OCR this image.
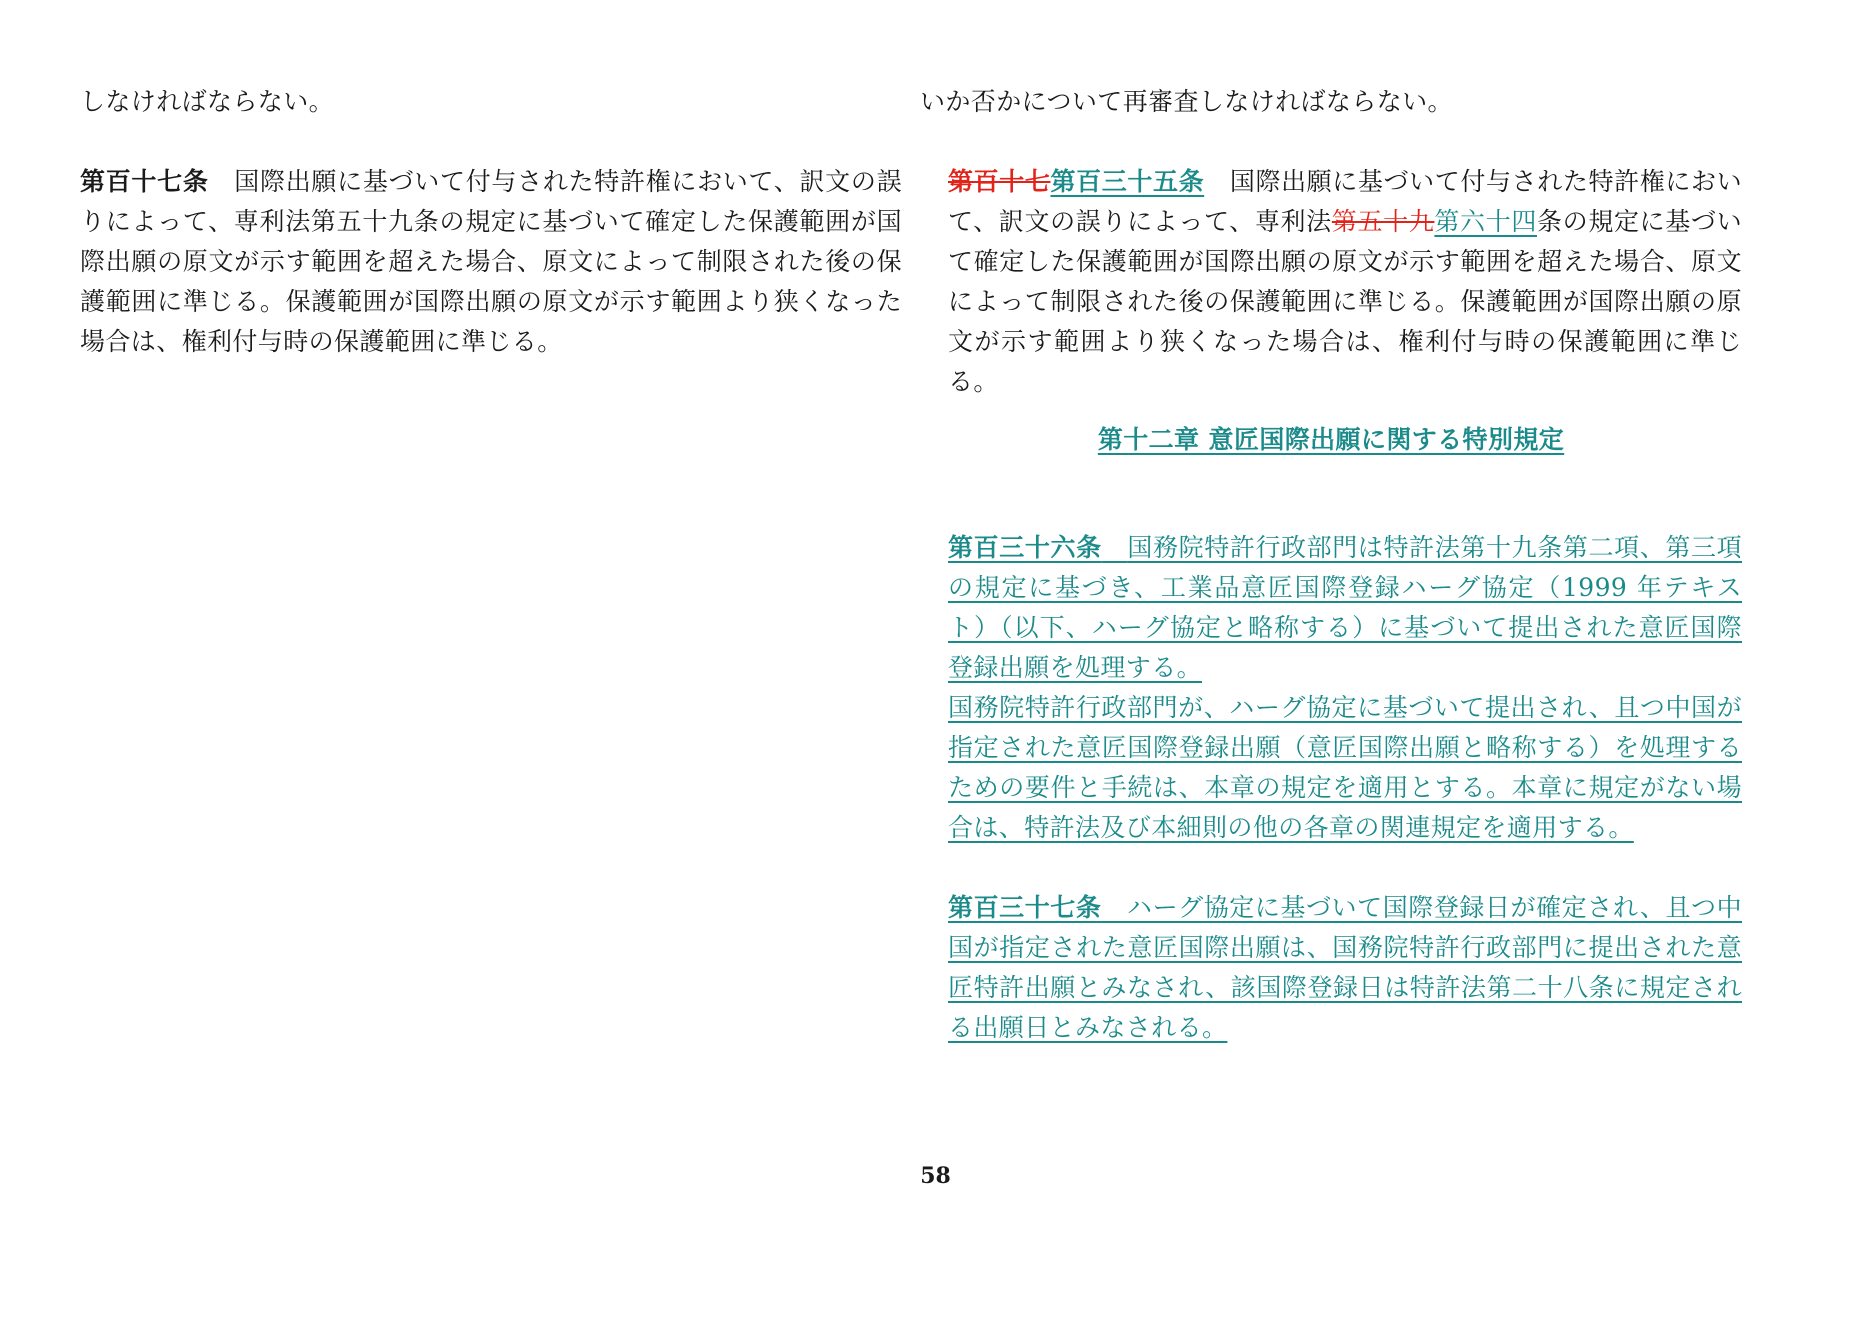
しなければならない。

第百十七条　 国際出願に基づいて付与された特許権において、訳文の誤りによって、専利法第五十九条の規定に基づいて確定した保護範囲が国際出願の原文が示す範囲を超えた場合、原文によって制限された後の保護範囲に準じる。保護範囲が国際出願の原文が示す範囲より狭くなった場合は、権利付与時の保護範囲に準じる。

いか否かについて再審査しなければならない。

第百十七第百三十五条　 国際出願に基づいて付与された特許権において、訳文の誤りによって、専利法第五十九第六十四条の規定に基づいて確定した保護範囲が国際出願の原文が示す範囲を超えた場合、原文によって制限された後の保護範囲に準じる。保護範囲が国際出願の原文が示す範囲より狭くなった場合は、権利付与時の保護範囲に準じる。

第十二章 意匠国際出願に関する特別規定

第百三十六条　 国務院特許行政部門は特許法第十九条第二項、第三項の規定に基づき、工業品意匠国際登録ハーグ協定（1999 年テキスト）（以下、ハーグ協定と略称する）に基づいて提出された意匠国際登録出願を処理する。

国務院特許行政部門が、ハーグ協定に基づいて提出され、且つ中国が指定された意匠国際登録出願（意匠国際出願と略称する）を処理するための要件と手続は、本章の規定を適用とする。本章に規定がない場合は、特許法及び本細則の他の各章の関連規定を適用する。

第百三十七条　 ハーグ協定に基づいて国際登録日が確定され、且つ中国が指定された意匠国際出願は、国務院特許行政部門に提出された意匠特許出願とみなされ、該国際登録日は特許法第二十八条に規定される出願日とみなされる。

58
